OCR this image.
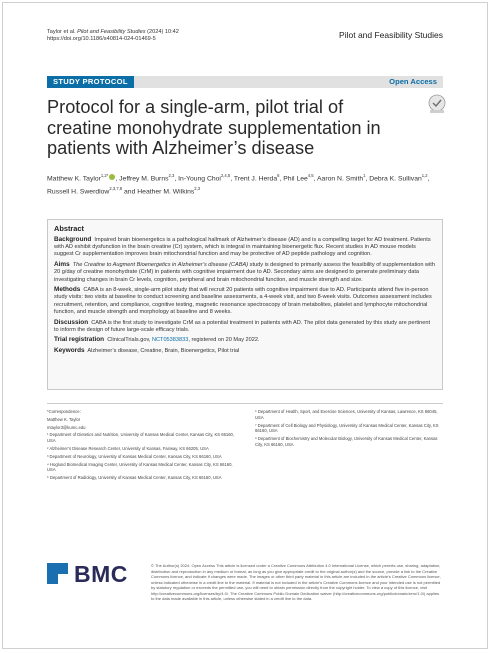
Taylor et al. Pilot and Feasibility Studies (2024) 10:42
https://doi.org/10.1186/s40814-024-01469-5	Pilot and Feasibility Studies
STUDY PROTOCOL	Open Access
Protocol for a single-arm, pilot trial of creatine monohydrate supplementation in patients with Alzheimer’s disease
Matthew K. Taylor$^{1,2*}$ , Jeffrey M. Burns$^{2,3}$, In-Young Choi$^{2,4,5}$, Trent J. Herda$^6$, Phil Lee$^{4,5}$, Aaron N. Smith$^1$, Debra K. Sullivan$^{1,2}$, Russell H. Swerdlow$^{2,3,7,8}$ and Heather M. Wilkins$^{2,3}$
Abstract

Background Impaired brain bioenergetics is a pathological hallmark of Alzheimer’s disease (AD) and is a compelling target for AD treatment. Patients with AD exhibit dysfunction in the brain creatine (Cr) system, which is integral in maintaining bioenergetic flux. Recent studies in AD mouse models suggest Cr supplementation improves brain mitochondrial function and may be protective of AD peptide pathology and cognition.

Aims The Creatine to Augment Bioenergetics in Alzheimer’s disease (CABA) study is designed to primarily assess the feasibility of supplementation with 20 g/day of creatine monohydrate (CrM) in patients with cognitive impairment due to AD. Secondary aims are designed to generate preliminary data investigating changes in brain Cr levels, cognition, peripheral and brain mitochondrial function, and muscle strength and size.

Methods CABA is an 8-week, single-arm pilot study that will recruit 20 patients with cognitive impairment due to AD. Participants attend five in-person study visits: two visits at baseline to conduct screening and baseline assessments, a 4-week visit, and two 8-week visits. Outcomes assessment includes recruitment, retention, and compliance, cognitive testing, magnetic resonance spectroscopy of brain metabolites, platelet and lymphocyte mitochondrial function, and muscle strength and morphology at baseline and 8 weeks.

Discussion CABA is the first study to investigate CrM as a potential treatment in patients with AD. The pilot data generated by this study are pertinent to inform the design of future large-scale efficacy trials.

Trial registration ClinicalTrials.gov, NCT05383833, registered on 20 May 2022.

Keywords Alzheimer’s disease, Creatine, Brain, Bioenergetics, Pilot trial

*Correspondence:

Matthew K. Taylor

mtaylor3@kumc.edu

¹ Department of Dietetics and Nutrition, University of Kansas Medical Center, Kansas City, KS 66160, USA

² Alzheimer’s Disease Research Center, University of Kansas, Fairway, KS 66205, USA

³ Department of Neurology, University of Kansas Medical Center, Kansas City, KS 66160, USA

⁴ Hoglund Biomedical Imaging Center, University of Kansas Medical Center, Kansas City, KS 66160, USA

⁵ Department of Radiology, University of Kansas Medical Center, Kansas City, KS 66160, USA

⁶ Department of Health, Sport, and Exercise Sciences, University of Kansas, Lawrence, KS 66045, USA

⁷ Department of Cell Biology and Physiology, University of Kansas Medical Center, Kansas City, KS 66160, USA

⁸ Department of Biochemistry and Molecular Biology, University of Kansas Medical Center, Kansas City, KS 66160, USA

BMC	© The Author(s) 2024. Open Access This article is licensed under a Creative Commons Attribution 4.0 International License, which permits use, sharing, adaptation, distribution and reproduction in any medium or format, as long as you give appropriate credit to the original author(s) and the source, provide a link to the Creative Commons licence, and indicate if changes were made. The images or other third party material in this article are included in the article’s Creative Commons licence, unless indicated otherwise in a credit line to the material. If material is not included in the article’s Creative Commons licence and your intended use is not permitted by statutory regulation or exceeds the permitted use, you will need to obtain permission directly from the copyright holder. To view a copy of this licence, visit http://creativecommons.org/licenses/by/4.0/. The Creative Commons Public Domain Dedication waiver (http://creativecommons.org/publicdomain/zero/1.0/) applies to the data made available in this article, unless otherwise stated in a credit line to the data.
